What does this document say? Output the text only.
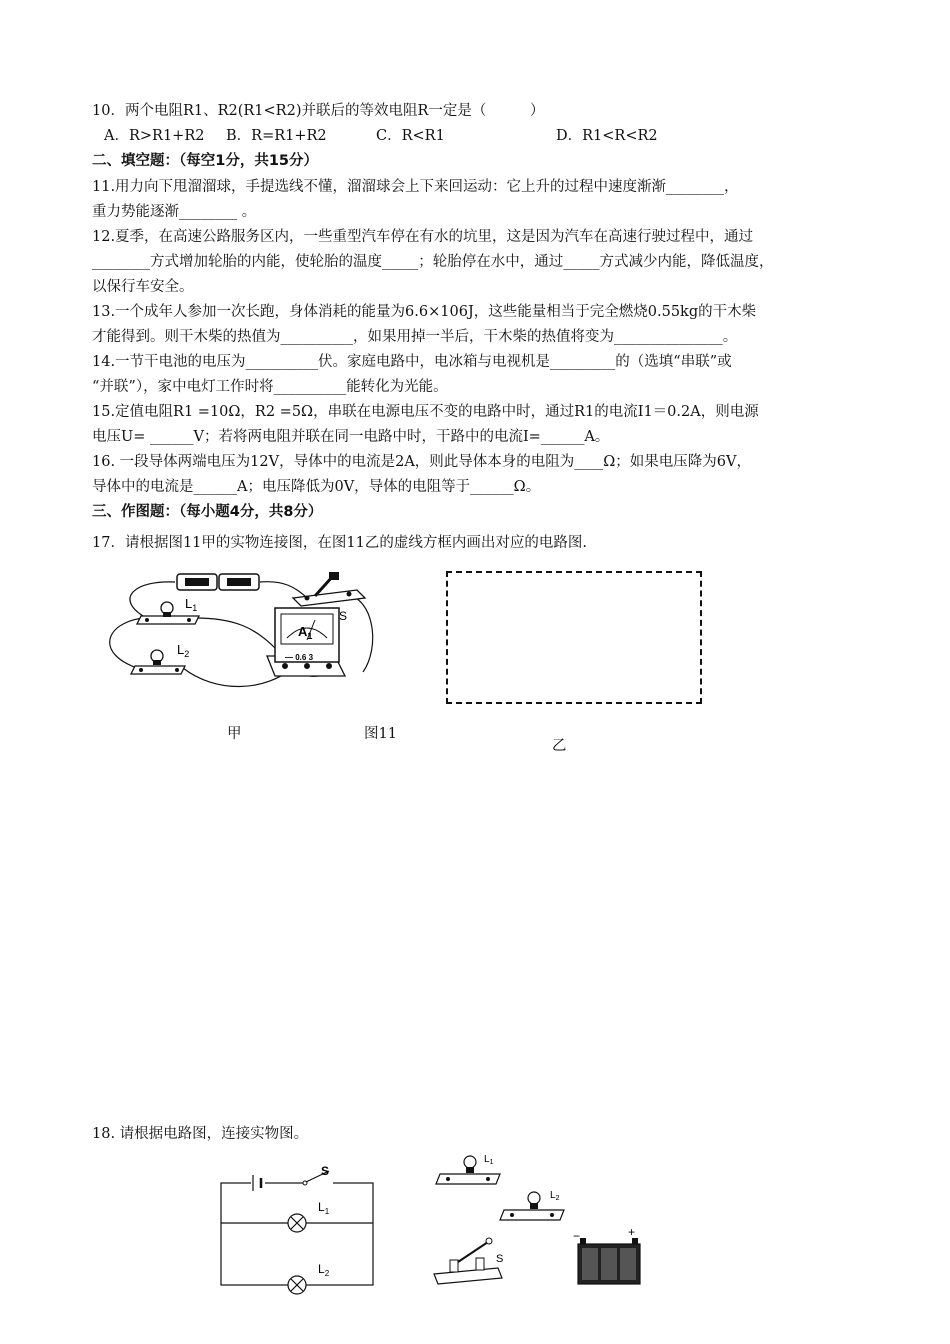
10．两个电阻R1、R2(R1<R2)并联后的等效电阻R一定是（　　　）
A．R>R1+R2 B．R=R1+R2	C．R<R1	D．R1<R<R2
二、填空题：（每空1分，共15分）
11.用力向下甩溜溜球，手提选线不懂，溜溜球会上下来回运动：它上升的过程中速度渐渐________，
重力势能逐渐________ 。
12.夏季，在高速公路服务区内，一些重型汽车停在有水的坑里，这是因为汽车在高速行驶过程中，通过
________方式增加轮胎的内能，使轮胎的温度_____；轮胎停在水中，通过_____方式减少内能，降低温度，
以保行车安全。
13.一个成年人参加一次长跑，身体消耗的能量为6.6×106J，这些能量相当于完全燃烧0.55kg的干木柴
才能得到。则干木柴的热值为__________，如果用掉一半后，干木柴的热值将变为_______________。
14.一节干电池的电压为__________伏。家庭电路中，电冰箱与电视机是_________的（选填“串联”或
“并联”），家中电灯工作时将__________能转化为光能。
15.定值电阻R1 =10Ω，R2 =5Ω，串联在电源电压不变的电路中时，通过R1的电流I1＝0.2A，则电源
电压U= ______V；若将两电阻并联在同一电路中时，干路中的电流I=______A。
16. 一段导体两端电压为12V，导体中的电流是2A，则此导体本身的电阻为____Ω；如果电压降为6V，
导体中的电流是______A；电压降低为0V，导体的电阻等于______Ω。
三、作图题：（每小题4分，共8分）
17．请根据图11甲的实物连接图，在图11乙的虚线方框内画出对应的电路图.
S
$L_1$
$L_2$
$A_1$
— 0.6 3
甲	图11
乙
18. 请根据电路图，连接实物图。
S
$L_1$
$L_2$
$L_1$
$L_2$
S
−	+
